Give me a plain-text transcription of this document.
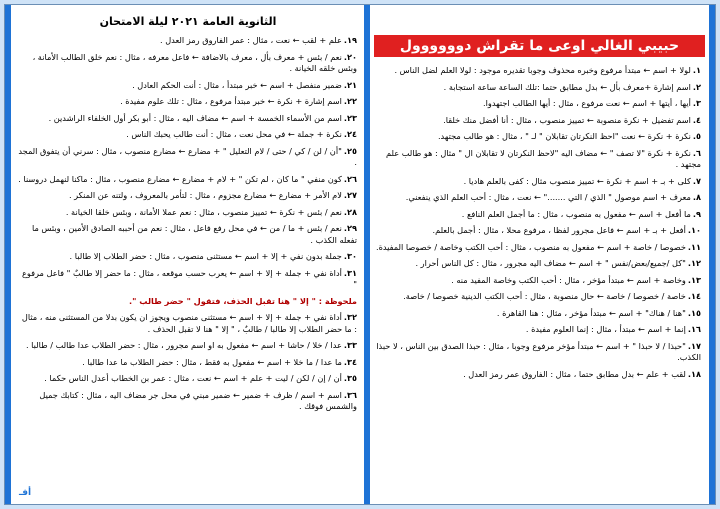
حبيبي الغالي اوعى ما تقراش دوووووول
١.لولا + اسم ← مبتدأ مرفوع وخبره محذوف وجوبا تقديره موجود : لولا العلم لضل الناس .
٢.اسم إشارة +معرف بأل ← بدل مطابق حتما :تلك الساعة ساعة استجابة .
٣.أيها ، أيتها + اسم ← نعت مرفوع ، مثال : أيها الطالب اجتهدوا.
٤.اسم تفضيل + نكرة منصوبة ← تمييز منصوب ، مثال : أنا أفضل منك خلقا.
٥.نكرة + نكرة ← نعت "احظ النكرتان تقابلان " لـ " ، مثال : هو طالب مجتهد.
٦.نكرة + نكرة "لا تصف " ← مضاف اليه "لاحظ النكرتان لا تقابلان ال " مثال : هو طالب علم مجتهد .
٧.كلى + بـ + اسم + نكرة ← تمييز منصوب مثال : كفى بالعلم هاديا .
٨.معرف + اسم موصول " الذي / التي ......." ← نعت ، مثال : أحب العلم الذي ينفعني.
٩.ما أفعل + اسم ← مفعول به منصوب ، مثال : ما أجمل العلم النافع .
١٠.أفعل + بـ + اسم ← فاعل مجرور لفظا ، مرفوع محلا ، مثال : أجمل بالعلم.
١١.خصوصا / خاصة + اسم ← مفعول به منصوب ، مثال : أحب الكتب وخاصة / خصوصا المفيدة.
١٢."كل /جميع/بعض/نفس " + اسم ← مضاف اليه مجرور ، مثال : كل الناس أحرار .
١٣.وخاصة + اسم ← مبتدأ مؤخر ، مثال : أحب الكتب وخاصة المفيد منه .
١٤.خاصة / خصوصا / خاصة ← حال منصوبة ، مثال : أحب الكتب الدينية خصوصا / خاصة.
١٥."هنا / هناك" + اسم ← مبتدأ مؤخر ، مثال : هنا القاهرة .
١٦.إنما + اسم ← مبتدأ ، مثال : إنما العلوم مفيدة .
١٧."حبذا / لا حبذا " + اسم ← مبتدأ مؤخر مرفوع وجوبا ، مثال : حبذا الصدق بين الناس ، لا حبذا الكذب.
١٨.لقب + علم ← بدل مطابق حتما ، مثال : الفاروق عمر رمز العدل .
الثانوية العامة ٢٠٢١ ليلة الامتحان
١٩.علم + لقب ← نعت ، مثال : عمر الفاروق رمز العدل .
٢٠.نعم / بئس + معرف بأل ، معرف بالاضافة ← فاعل معرفه ، مثال : نعم خلق الطالب الأمانة ، وبئس خلقه الخيانة .
٢١.ضمير منفصل + اسم ← خبر مبتدأ ، مثال : أنت الحكم العادل .
٢٢.اسم إشارة + نكرة ← خبر مبتدأ مرفوع ، مثال : تلك علوم مفيدة .
٢٣.اسم من الأسماء الخمسة + اسم ← مضاف اليه ، مثال : أبو بكر أول الخلفاء الراشدين .
٢٤.نكرة + جملة ← في محل نعت ، مثال : أنت طالب يحبك الناس .
٢٥."أن / لن / كي / حتى / لام التعليل " + مضارع ← مضارع منصوب ، مثال : سرني أن يتفوق المجد .
٢٦.كون منفي " ما كان ، لم تكن " + لام + مضارع ← مضارع منصوب ، مثال : ماكنا لنهمل دروسنا .
٢٧.لام الأمر + مضارع ← مضارع مجزوم ، مثال : لتأمر بالمعروف ، ولتنه عن المنكر .
٢٨.نعم / بئس + نكرة ← تمييز منصوب ، مثال : نعم عملا الأمانة ، وبئس خلقا الخيانة .
٢٩.نعم / بئس + ما / من ← في محل رفع فاعل ، مثال : نعم من أحببه الصادق الأمين ، وبئس ما تفعله الكذب .
٣٠.جملة بدون نفي + إلا + اسم ← مستثنى منصوب ، مثال : حضر الطلاب إلا طالبا .
٣١.أداة نفي + جملة + إلا + اسم ← يعرب حسب موقعه ، مثال : ما حضر إلا طالبٌ " فاعل مرفوع "
ملحوظة : " إلا " هنا تقبل الحذف، فتقول " حضر طالب ".
٣٢.أداة نفي + جملة + إلا + اسم ← مستثنى منصوب ويجوز ان يكون بدلا من المستثنى منه ، مثال : ما حضر الطلاب إلا طالبا / طالبٌ ، " إلا " هنا لا تقبل الحذف .
٣٣.عدا / خلا / حاشا + اسم ← مفعول به او اسم مجرور ، مثال : حضر الطلاب عدا طالب / طالبا .
٣٤.ما عدا / ما خلا + اسم ← مفعول به فقط ، مثال : حضر الطلاب ما عدا طالبا .
٣٥.أن / إن / لكن / ليت + علم + اسم ← نعت ، مثال : عمر بن الخطاب أعدل الناس حكما .
٣٦.اسم + اسم / ظرف + ضمير ← ضمير مبني في محل جر مضاف اليه ، مثال : كتابك جميل والشمس فوقك .
أفـ
